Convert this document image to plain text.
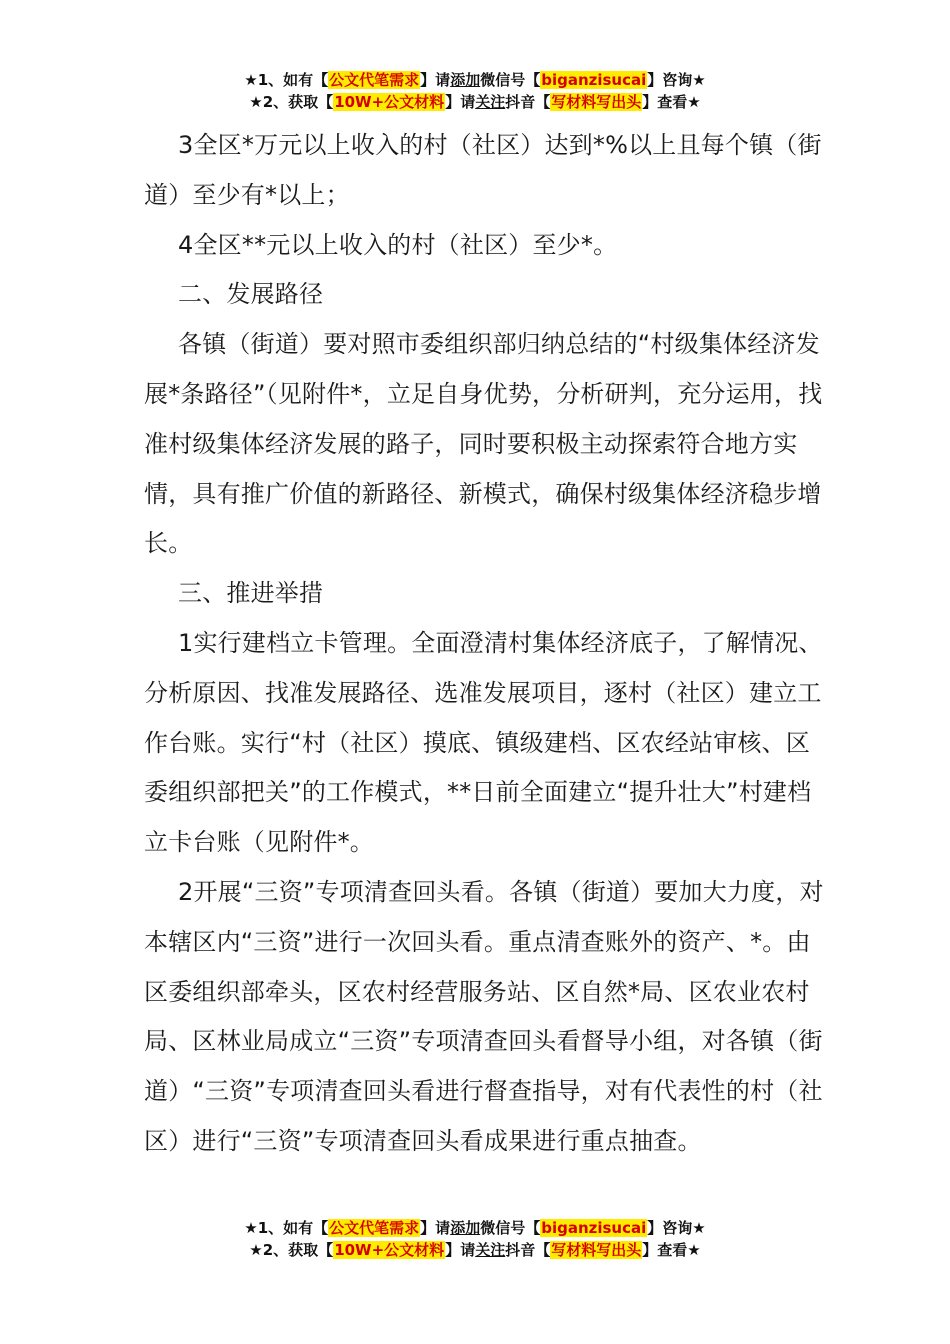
★1、如有【公文代笔需求】请添加微信号【biganzisucai】咨询★
★2、获取【10W+公文材料】请关注抖音【写材料写出头】查看★

3全区*万元以上收入的村（社区）达到*%以上且每个镇（街道）至少有*以上；

4全区**元以上收入的村（社区）至少*。

二、发展路径

各镇（街道）要对照市委组织部归纳总结的“村级集体经济发展*条路径”（见附件*，立足自身优势，分析研判，充分运用，找准村级集体经济发展的路子，同时要积极主动探索符合地方实情，具有推广价值的新路径、新模式，确保村级集体经济稳步增长。

三、推进举措

1实行建档立卡管理。全面澄清村集体经济底子，了解情况、分析原因、找准发展路径、选准发展项目，逐村（社区）建立工作台账。实行“村（社区）摸底、镇级建档、区农经站审核、区委组织部把关”的工作模式，**日前全面建立“提升壮大”村建档立卡台账（见附件*。

2开展“三资”专项清查回头看。各镇（街道）要加大力度，对本辖区内“三资”进行一次回头看。重点清查账外的资产、*。由区委组织部牵头，区农村经营服务站、区自然*局、区农业农村局、区林业局成立“三资”专项清查回头看督导小组，对各镇（街道）“三资”专项清查回头看进行督查指导，对有代表性的村（社区）进行“三资”专项清查回头看成果进行重点抽查。

★1、如有【公文代笔需求】请添加微信号【biganzisucai】咨询★
★2、获取【10W+公文材料】请关注抖音【写材料写出头】查看★
